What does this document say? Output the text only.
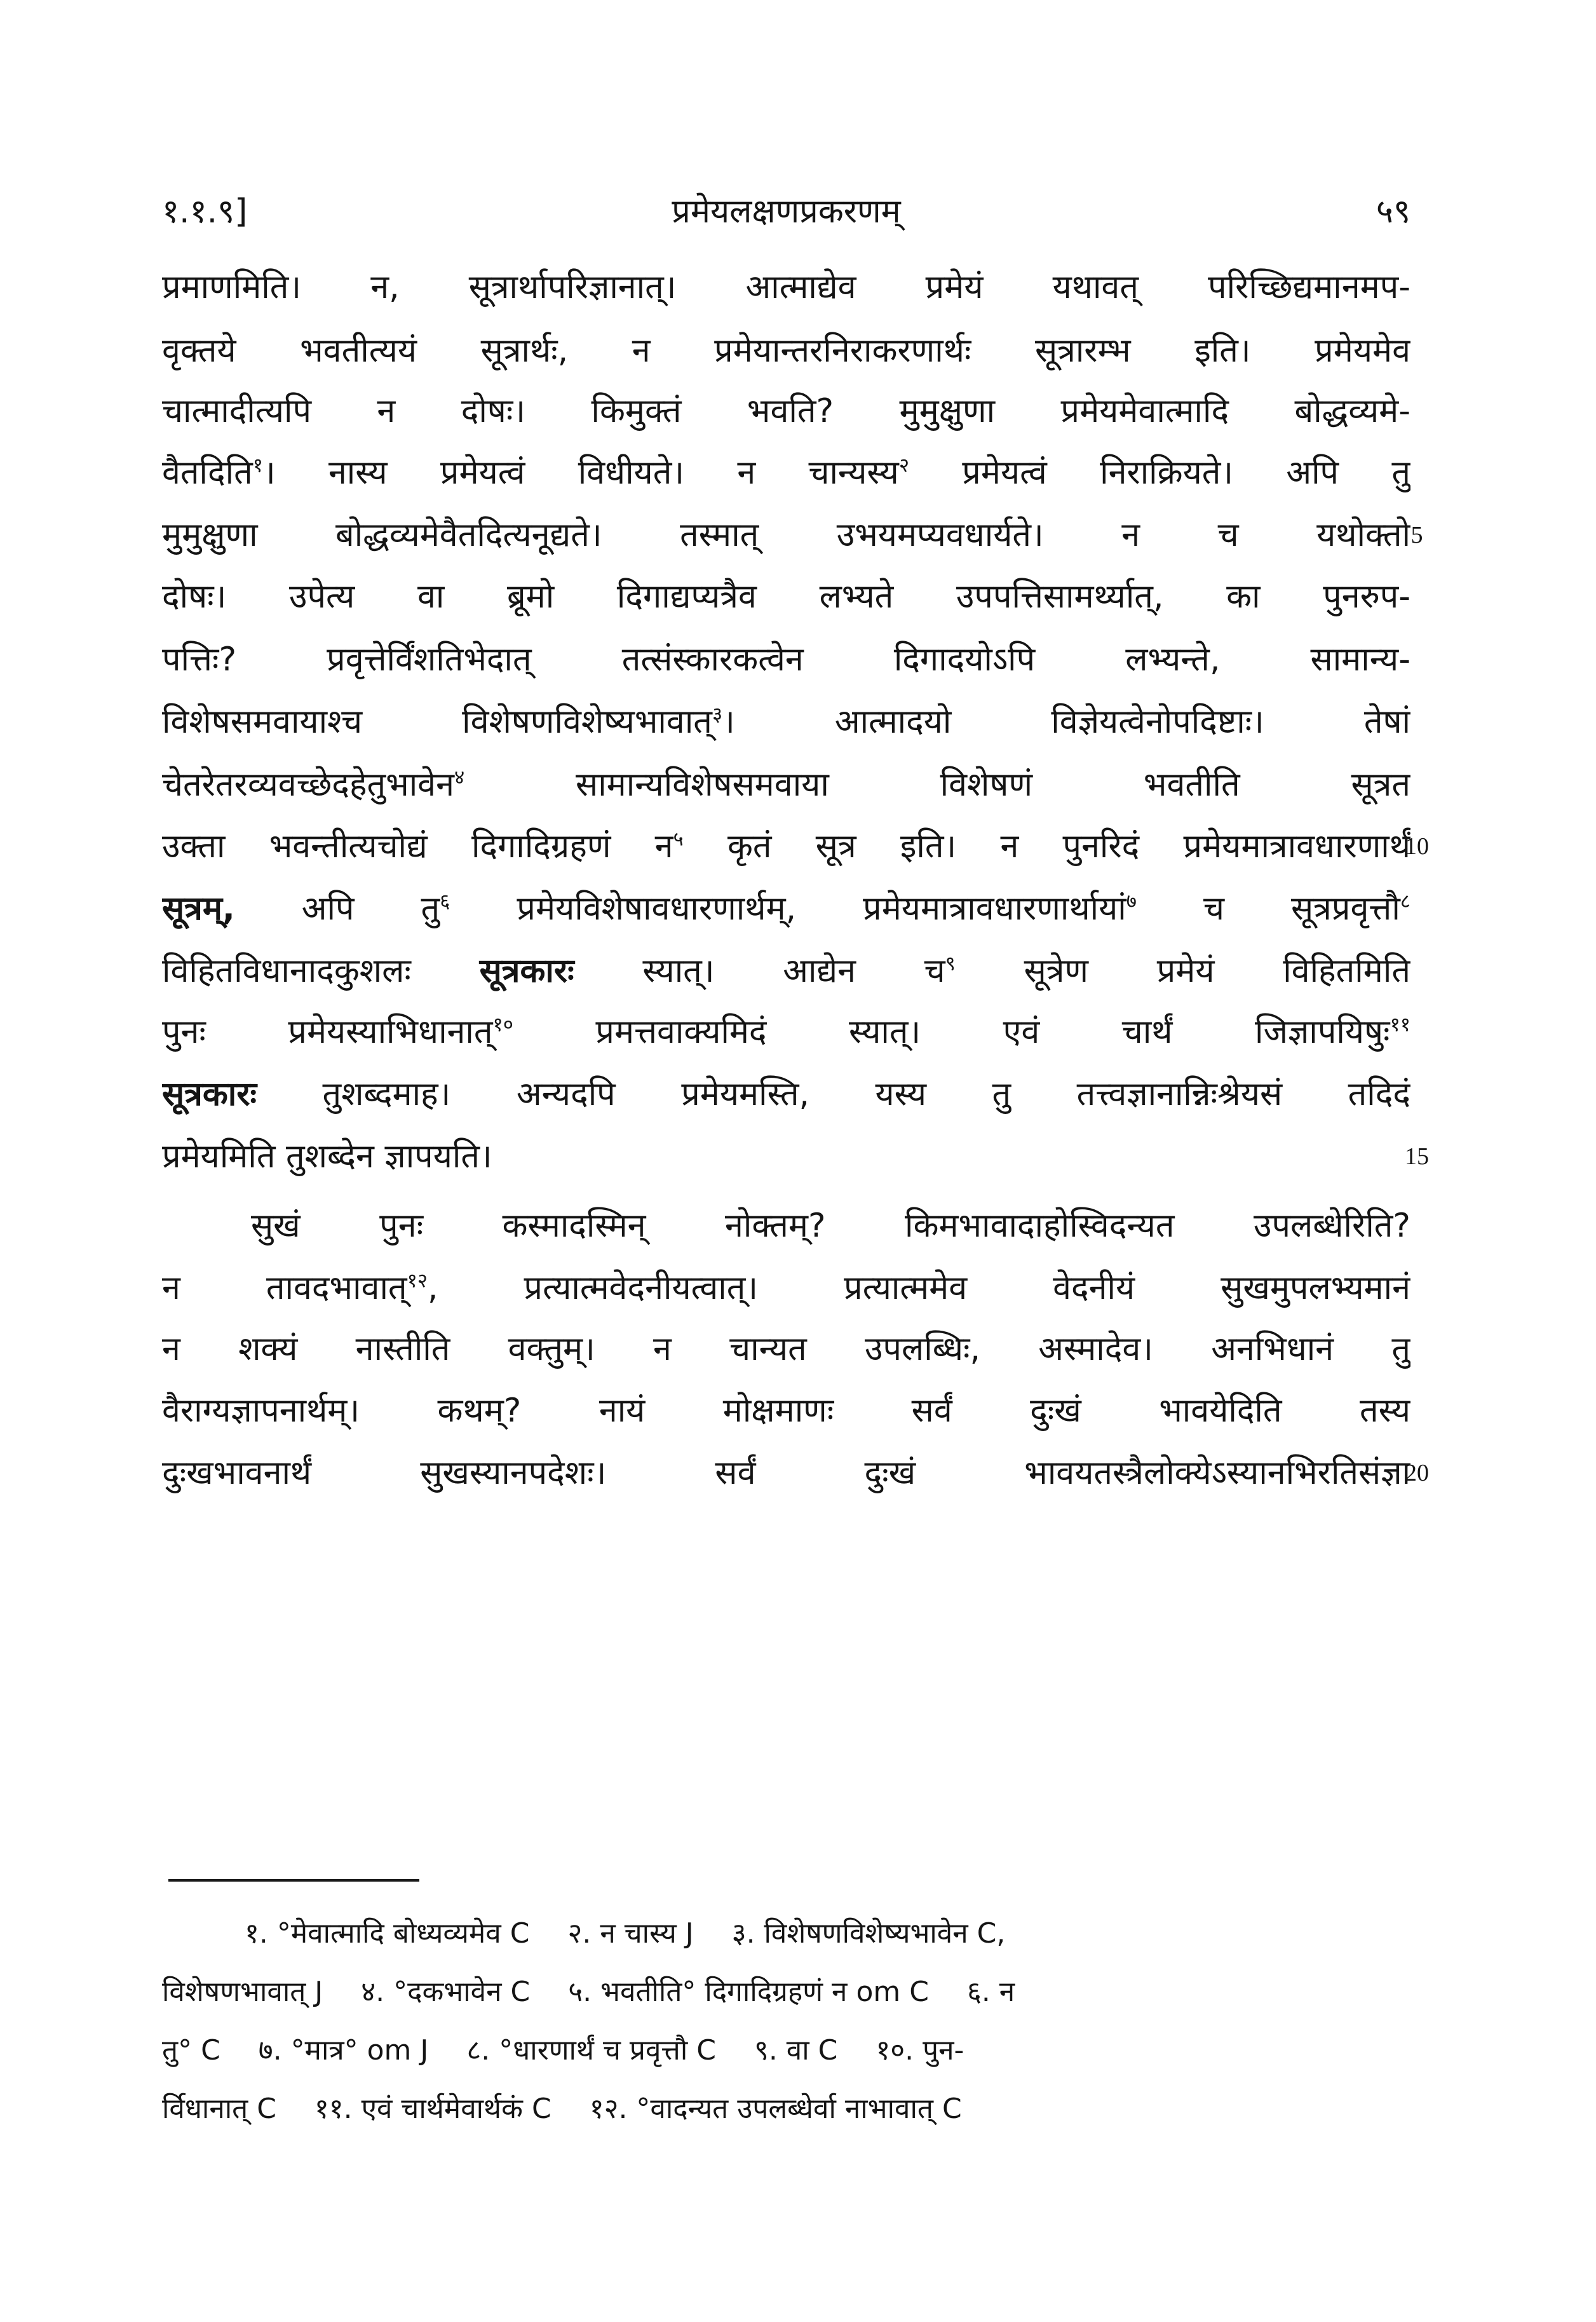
१.१.९]	प्रमेयलक्षणप्रकरणम्	५९
प्रमाणमिति। न, सूत्रार्थापरिज्ञानात्। आत्माद्येव प्रमेयं यथावत् परिच्छिद्यमानमप-
वृक्तये भवतीत्ययं सूत्रार्थः, न प्रमेयान्तरनिराकरणार्थः सूत्रारम्भ इति। प्रमेयमेव
चात्मादीत्यपि न दोषः। किमुक्तं भवति? मुमुक्षुणा प्रमेयमेवात्मादि बोद्धव्यमे-
वैतदिति$^१$। नास्य प्रमेयत्वं विधीयते। न चान्यस्य$^२$ प्रमेयत्वं निराक्रियते। अपि तु
मुमुक्षुणा बोद्धव्यमेवैतदित्यनूद्यते। तस्मात् उभयमप्यवधार्यते। न च यथोक्तो
दोषः। उपेत्य वा ब्रूमो दिगाद्यप्यत्रैव लभ्यते उपपत्तिसामर्थ्यात्, का पुनरुप-
पत्तिः? प्रवृत्तेर्विंशतिभेदात् तत्संस्कारकत्वेन दिगादयोऽपि लभ्यन्ते, सामान्य-
विशेषसमवायाश्च विशेषणविशेष्यभावात्$^३$। आत्मादयो विज्ञेयत्वेनोपदिष्टाः। तेषां
चेतरेतरव्यवच्छेदहेतुभावेन$^४$ सामान्यविशेषसमवाया विशेषणं भवतीति सूत्रत
उक्ता भवन्तीत्यचोद्यं दिगादिग्रहणं न$^५$ कृतं सूत्र इति। न पुनरिदं प्रमेयमात्रावधारणार्थं
सूत्रम्, अपि तु$^६$ प्रमेयविशेषावधारणार्थम्, प्रमेयमात्रावधारणार्थायां$^७$ च सूत्रप्रवृत्तौ$^८$
विहितविधानादकुशलः सूत्रकारः स्यात्। आद्येन च$^९$ सूत्रेण प्रमेयं विहितमिति
पुनः प्रमेयस्याभिधानात्$^{१०}$ प्रमत्तवाक्यमिदं स्यात्। एवं चार्थं जिज्ञापयिषुः$^{११}$
सूत्रकारः तुशब्दमाह। अन्यदपि प्रमेयमस्ति, यस्य तु तत्त्वज्ञानान्निःश्रेयसं तदिदं
प्रमेयमिति तुशब्देन ज्ञापयति।
सुखं पुनः कस्मादस्मिन् नोक्तम्? किमभावादाहोस्विदन्यत उपलब्धेरिति?
न तावदभावात्$^{१२}$, प्रत्यात्मवेदनीयत्वात्। प्रत्यात्ममेव वेदनीयं सुखमुपलभ्यमानं
न शक्यं नास्तीति वक्तुम्। न चान्यत उपलब्धिः, अस्मादेव। अनभिधानं तु
वैराग्यज्ञापनार्थम्। कथम्? नायं मोक्षमाणः सर्वं दुःखं भावयेदिति तस्य
दुःखभावनार्थं सुखस्यानपदेशः। सर्वं दुःखं भावयतस्त्रैलोक्येऽस्यानभिरतिसंज्ञा
5
10
15
20
१. °मेवात्मादि बोध्यव्यमेव C २. न चास्य J ३. विशेषणविशेष्यभावेन C,
विशेषणभावात् J ४. °दकभावेन C ५. भवतीति° दिगादिग्रहणं न om C ६. न
तु° C ७. °मात्र° om J ८. °धारणार्थं च प्रवृत्तौ C ९. वा C १०. पुन-
र्विधानात् C ११. एवं चार्थमेवार्थकं C १२. °वादन्यत उपलब्धेर्वा नाभावात् C
